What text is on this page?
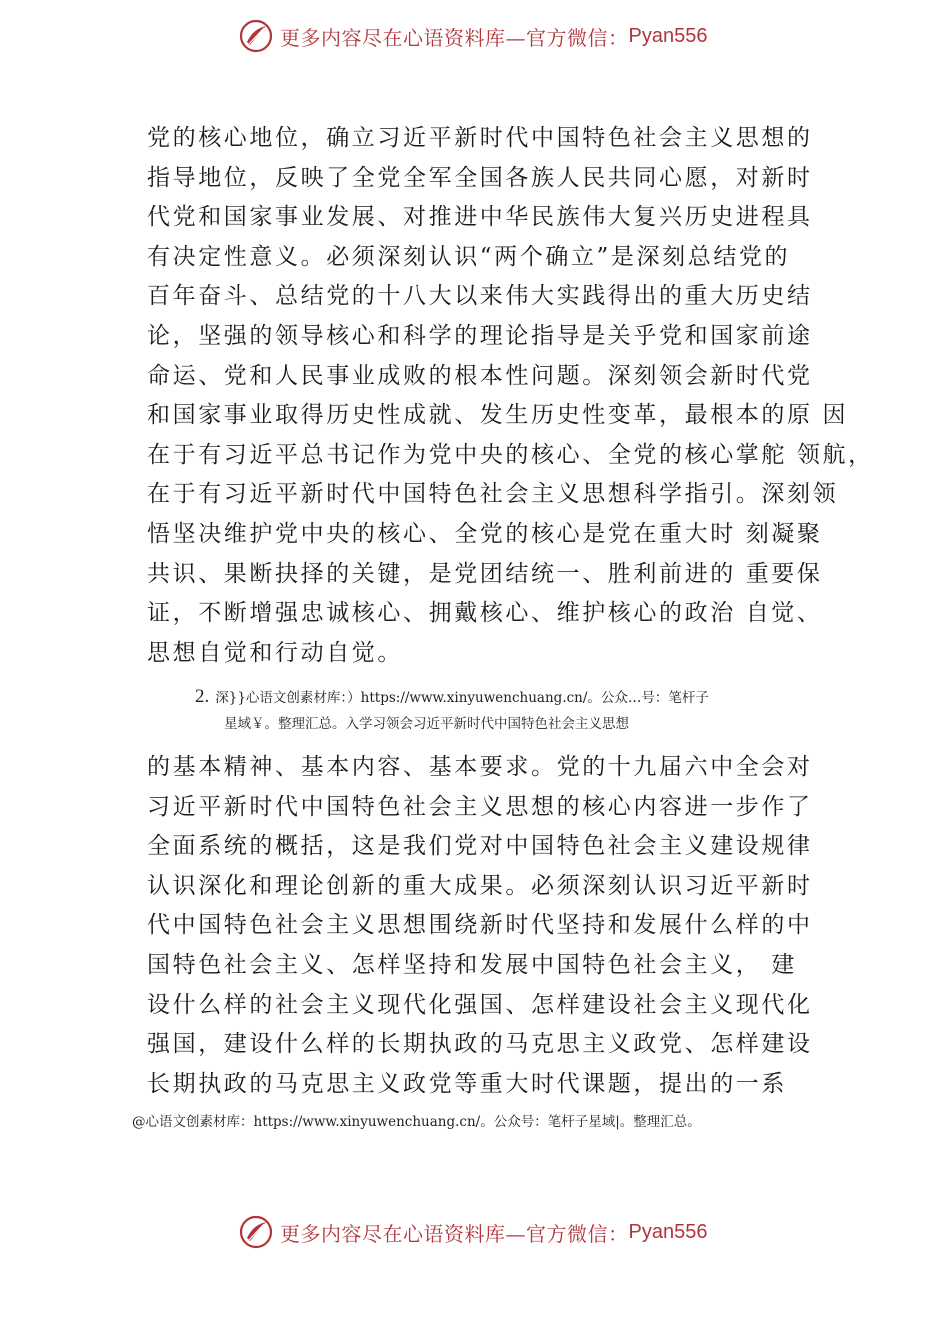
更多内容尽在心语资料库—官方微信： Pyan556
党的核心地位，确立习近平新时代中国特色社会主义思想的
指导地位，反映了全党全军全国各族人民共同心愿，对新时
代党和国家事业发展、对推进中华民族伟大复兴历史进程具
有决定性意义。必须深刻认识“两个确立”是深刻总结党的
百年奋斗、总结党的十八大以来伟大实践得出的重大历史结
论，坚强的领导核心和科学的理论指导是关乎党和国家前途
命运、党和人民事业成败的根本性问题。深刻领会新时代党
和国家事业取得历史性成就、发生历史性变革，最根本的原 因
在于有习近平总书记作为党中央的核心、全党的核心掌舵 领航，
在于有习近平新时代中国特色社会主义思想科学指引。深刻领
悟坚决维护党中央的核心、全党的核心是党在重大时 刻凝聚
共识、果断抉择的关键，是党团结统一、胜利前进的 重要保
证，不断增强忠诚核心、拥戴核心、维护核心的政治 自觉、
思想自觉和行动自觉。
2. 深}}心语文创素材库：）https://www.xinyuwenchuang.cn/。公众…号：笔杆子
星域￥。整理汇总。入学习领会习近平新时代中国特色社会主义思想
的基本精神、基本内容、基本要求。党的十九届六中全会对
习近平新时代中国特色社会主义思想的核心内容进一步作了
全面系统的概括，这是我们党对中国特色社会主义建设规律
认识深化和理论创新的重大成果。必须深刻认识习近平新时
代中国特色社会主义思想围绕新时代坚持和发展什么样的中
国特色社会主义、怎样坚持和发展中国特色社会主义， 建
设什么样的社会主义现代化强国、怎样建设社会主义现代化
强国，建设什么样的长期执政的马克思主义政党、怎样建设
长期执政的马克思主义政党等重大时代课题，提出的一系
@心语文创素材库：https://www.xinyuwenchuang.cn/。公众号：笔杆子星域|。整理汇总。
更多内容尽在心语资料库—官方微信： Pyan556
